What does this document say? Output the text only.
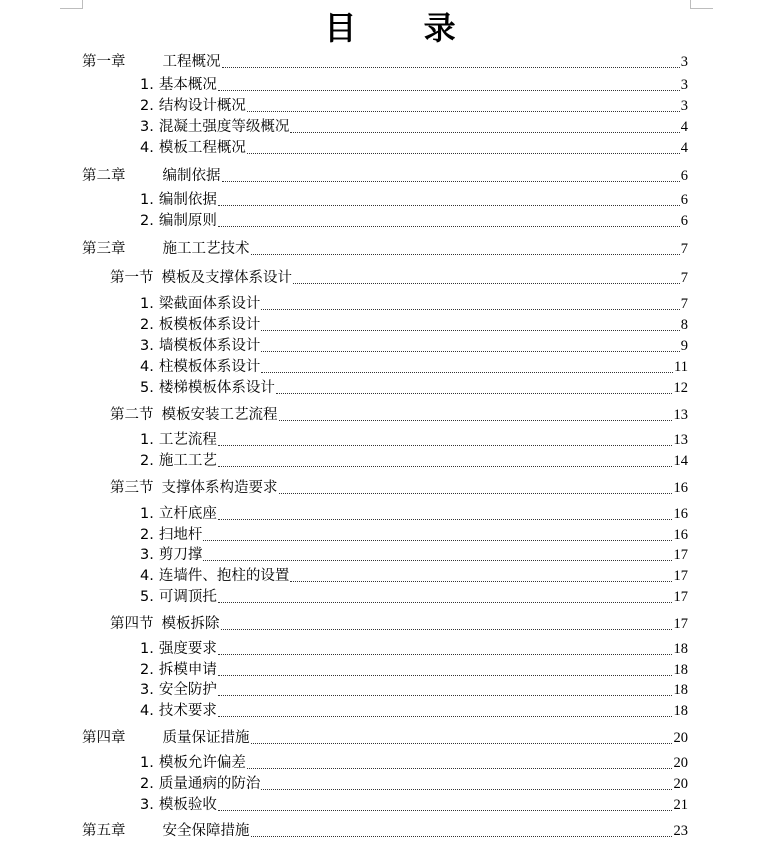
目 录
第一章	工程概况	3
1. 基本概况	3
2. 结构设计概况	3
3. 混凝土强度等级概况	4
4. 模板工程概况	4
第二章	编制依据	6
1. 编制依据	6
2. 编制原则	6
第三章	施工工艺技术	7
第一节 模板及支撑体系设计	7
1. 梁截面体系设计	7
2. 板模板体系设计	8
3. 墙模板体系设计	9
4. 柱模板体系设计	11
5. 楼梯模板体系设计	12
第二节 模板安装工艺流程	13
1. 工艺流程	13
2. 施工工艺	14
第三节 支撑体系构造要求	16
1. 立杆底座	16
2. 扫地杆	16
3. 剪刀撑	17
4. 连墙件、抱柱的设置	17
5. 可调顶托	17
第四节 模板拆除	17
1. 强度要求	18
2. 拆模申请	18
3. 安全防护	18
4. 技术要求	18
第四章	质量保证措施	20
1. 模板允许偏差	20
2. 质量通病的防治	20
3. 模板验收	21
第五章	安全保障措施	23
